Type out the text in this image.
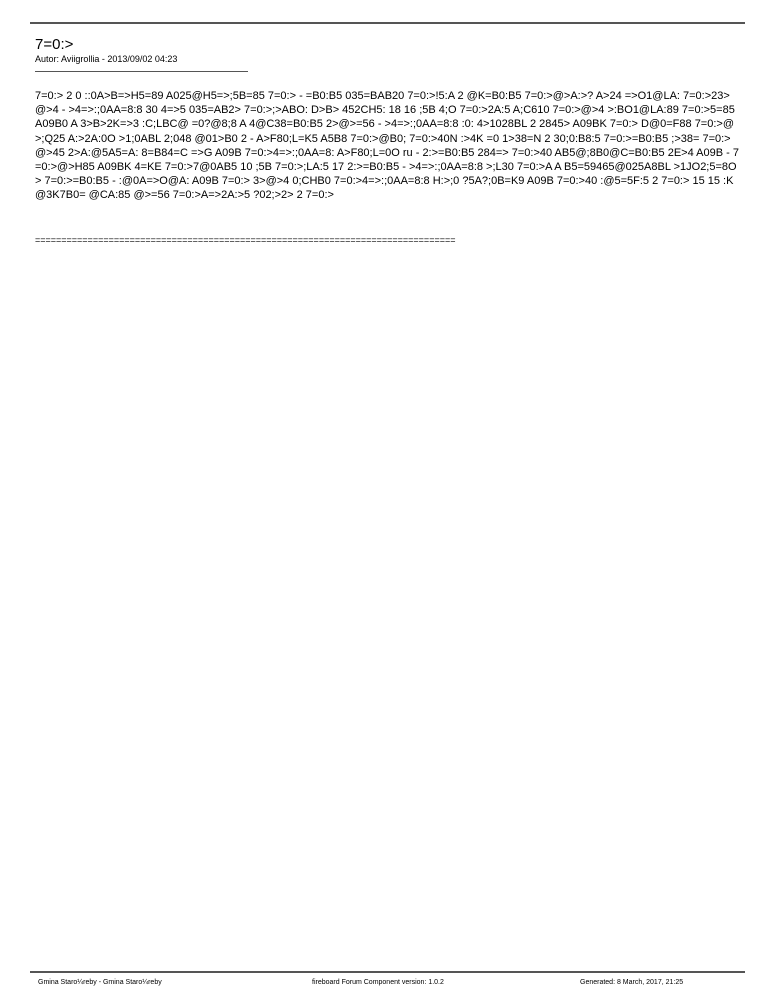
7=0:>
Autor: Aviigrollia - 2013/09/02 04:23
7=0:> 2 0 ::0A>B=>H5=89 A025@H5=>;5B=85 7=0:> - =B0:B5 035=BAB20 7=0:>!5:A 2 @K=B0:B5 7=0:>@>A:>? A>24 =>O1@LA: 7=0:>23>@>4 - >4=>:;0AA=8:8 30 4=>5 035=AB2> 7=0:>;>ABO: D>B> 452CH5: 18 16 ;5B 4;O 7=0:>2A:5 A;C610 7=0:>@>4 >:BO1@LA:89 7=0:>5=85 A09B0 A 3>B>2K=>3 :C;LBC@ =0?@8;8 A 4@C38=B0:B5 2>@>=56 - >4=>:;0AA=8:8 :0: 4>1028BL 2 2845> A09BK 7=0:> D@0=F88 7=0:>@>;Q25 A:>2A:0O >1;0ABL 2;048 @01>B0 2 - A>F80;L=K5 A5B8 7=0:>@B0; 7=0:>40N :>4K =0 1>38=N 2 30;0:B8:5 7=0:>=B0:B5 ;>38= 7=0:>@>45 2>A:@5A5=A: 8=B84=C =>G A09B 7=0:>4=>:;0AA=8: A>F80;L=0O ru - 2:>=B0:B5 284=> 7=0:>40 AB5@;8B0@C=B0:B5 2E>4 A09B - 7=0:>@>H85 A09BK 4=KE 7=0:>7@0AB5 10 ;5B 7=0:>;LA:5 17 2:>=B0:B5 - >4=>:;0AA=8:8 >;L30 7=0:>A A B5=59465@025A8BL >1JO2;5=8O > 7=0:>=B0:B5 - :@0A=>O@A: A09B 7=0:> 3>@>4 0;CHB0 7=0:>4=>:;0AA=8:8 H:>;0 ?5A?;0B=K9 A09B 7=0:>40 :@5=5F:5 2 7=0:> 15 15 :K@3K7B0= @CA:85 @>=56 7=0:>A=>2A:>5 ?02;>2> 2 7=0:>
================================================================================
Gmina Staro¼reby - Gmina Staro¼reby	fireboard Forum Component version: 1.0.2	Generated: 8 March, 2017, 21:25
